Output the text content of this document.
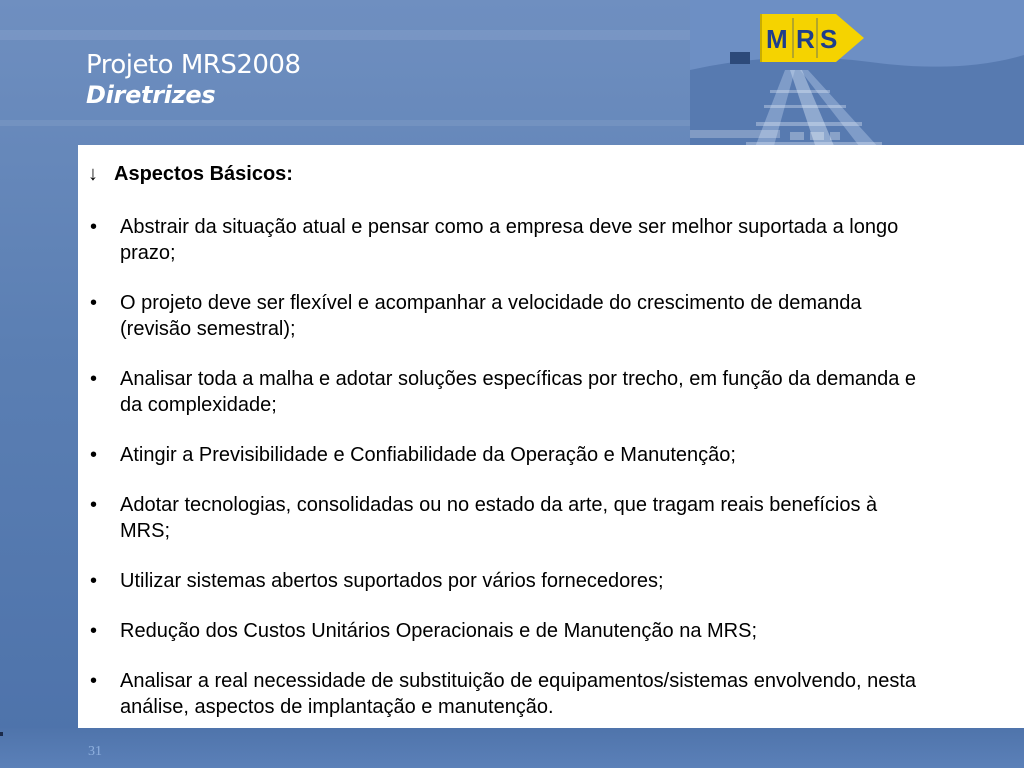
Projeto MRS2008
Diretrizes
M R S
↓ Aspectos Básicos:
•	Abstrair da situação atual e pensar como a empresa deve ser melhor suportada a longo prazo;
•	O projeto deve ser flexível e acompanhar a velocidade do crescimento de demanda (revisão semestral);
•	Analisar toda a malha e adotar soluções específicas por trecho, em função da demanda e da complexidade;
•	Atingir a Previsibilidade e Confiabilidade da Operação e Manutenção;
•	Adotar tecnologias, consolidadas ou no estado da arte, que tragam reais benefícios à MRS;
•	Utilizar sistemas abertos suportados por vários fornecedores;
•	Redução dos Custos Unitários Operacionais e de Manutenção na MRS;
•	Analisar a real necessidade de substituição de equipamentos/sistemas envolvendo, nesta análise, aspectos de implantação e manutenção.
31
